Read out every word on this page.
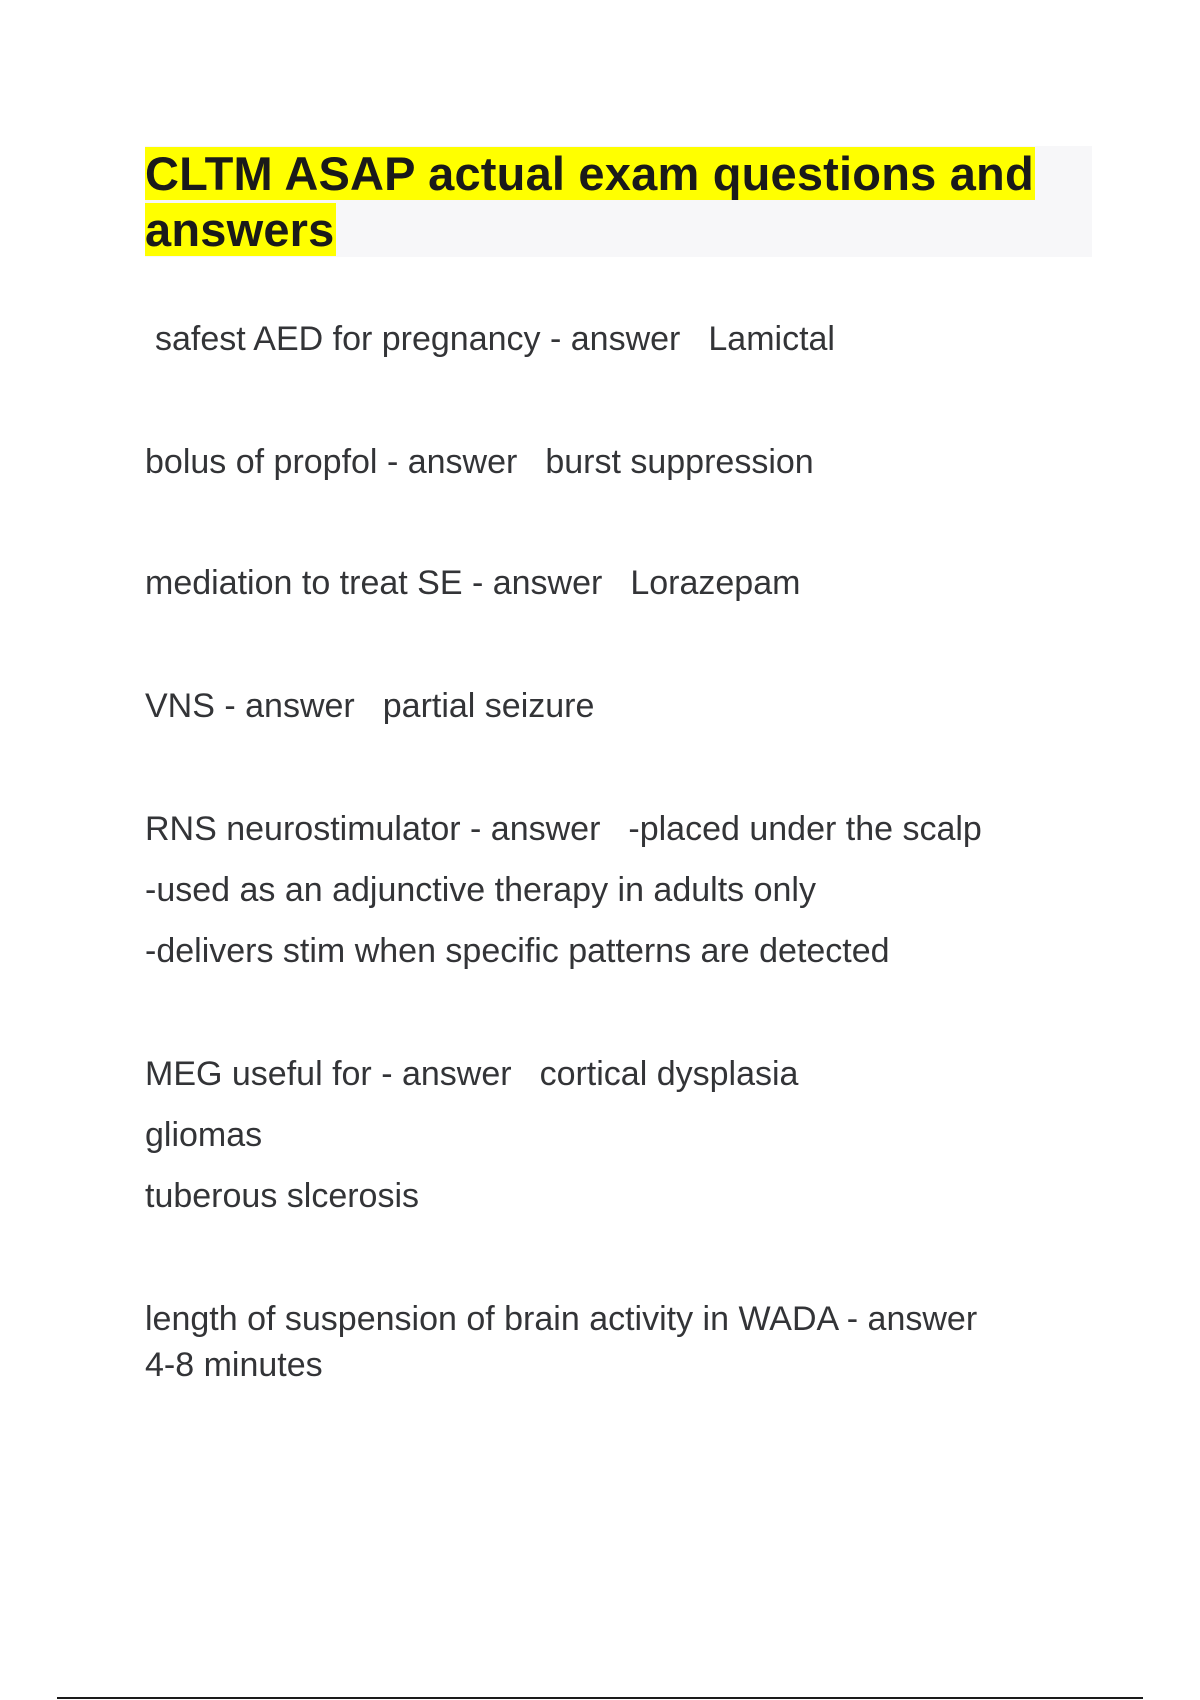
CLTM ASAP actual exam questions and
answers
safest AED for pregnancy - answer Lamictal
bolus of propfol - answer burst suppression
mediation to treat SE - answer Lorazepam
VNS - answer partial seizure
RNS neurostimulator - answer -placed under the scalp
-used as an adjunctive therapy in adults only
-delivers stim when specific patterns are detected
MEG useful for - answer cortical dysplasia
gliomas
tuberous slcerosis
length of suspension of brain activity in WADA - answer
4-8 minutes
